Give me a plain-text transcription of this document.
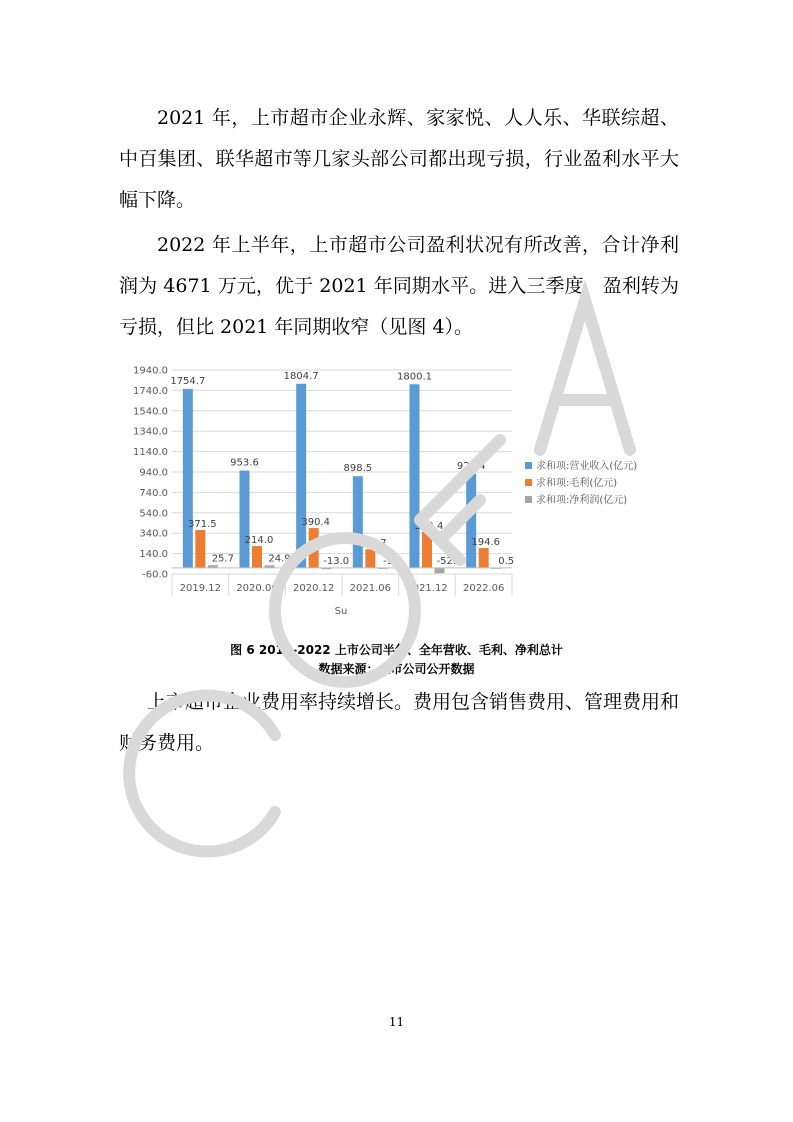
2021 年，上市超市企业永辉、家家悦、人人乐、华联综超、中百集团、联华超市等几家头部公司都出现亏损，行业盈利水平大幅下降。

2022 年上半年，上市超市公司盈利状况有所改善，合计净利润为 4671 万元，优于 2021 年同期水平。进入三季度，盈利转为亏损，但比 2021 年同期收窄（见图 4）。

1754.7
371.5
25.7
953.6
214.0
24.9
1804.7
390.4
-13.0
898.5
182.7
-9.6
1800.1
352.4
-52.3
921.4
194.6
0.5
1940.0
1740.0
1540.0
1340.0
1140.0
940.0
740.0
540.0
340.0
140.0
-60.0
2019.12 2020.06 2020.12 2021.06 2021.12 2022.06
求和项:营业收入(亿元)
求和项:毛利(亿元)
求和项:净利润(亿元)
Su

图 6 2019-2022 上市公司半年、全年营收、毛利、净利总计

数据来源：上市公司公开数据

上市超市企业费用率持续增长。费用包含销售费用、管理费用和财务费用。

11
